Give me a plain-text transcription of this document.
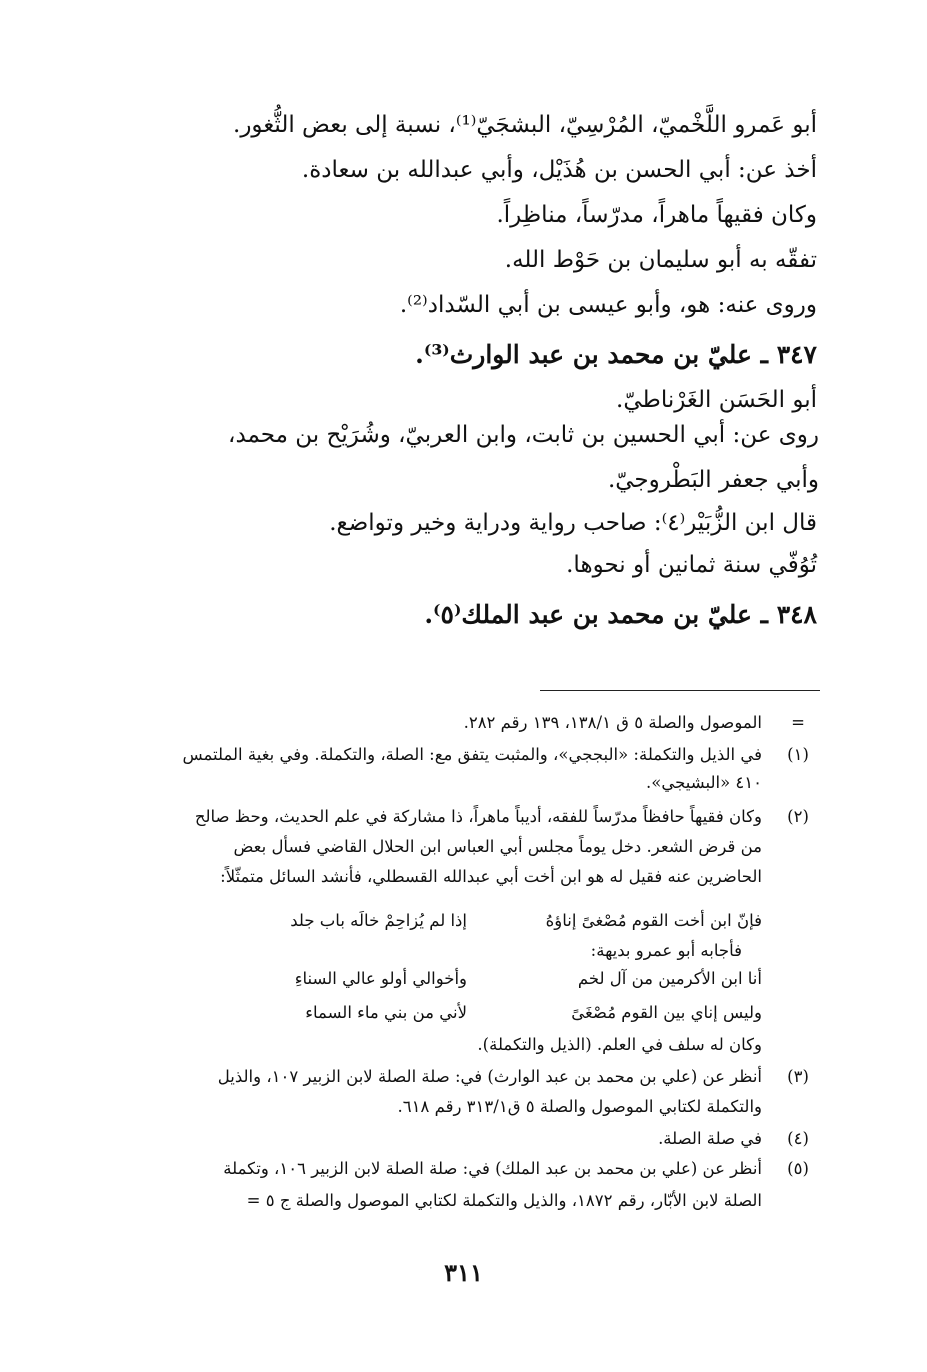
أبو عَمرو اللَّخْميّ، المُرْسِيّ، البشجَيّ⁽¹⁾، نسبة إلى بعض الثُّغور.
أخذ عن: أبي الحسن بن هُذَيْل، وأبي عبدالله بن سعادة.
وكان فقيهاً ماهراً، مدرّساً، مناظِراً.
تفقّه به أبو سليمان بن حَوْط الله.
وروى عنه: هو، وأبو عيسى بن أبي السّداد⁽²⁾.
٣٤٧ ـ عليّ بن محمد بن عبد الوارث⁽³⁾.
أبو الحَسَن الغَرْناطيّ.
روى عن: أبي الحسين بن ثابت، وابن العربيّ، وشُرَيْح بن محمد،
وأبي جعفر البَطْروجيّ.
قال ابن الزُّبَيْر⁽٤⁾: صاحب رواية ودراية وخير وتواضع.
تُوُفّي سنة ثمانين أو نحوها.
٣٤٨ ـ عليّ بن محمد بن عبد الملك⁽٥⁾.
=
الموصول والصلة ٥ ق ١٣٨/١، ١٣٩ رقم ٢٨٢.
(١)
في الذيل والتكملة: «البججي»، والمثبت يتفق مع: الصلة، والتكملة. وفي بغية الملتمس
٤١٠ «البشيجي».
(٢)
وكان فقيهاً حافظاً مدرّساً للفقه، أديباً ماهراً، ذا مشاركة في علم الحديث، وحظ صالح
من قرض الشعر. دخل يوماً مجلس أبي العباس ابن الحلال القاضي فسأل بعض
الحاضرين عنه فقيل له هو ابن أخت أبي عبدالله القسطلي، فأنشد السائل متمثّلاً:
فإنّ ابن أخت القوم مُصْغىً إناؤهُ
إذا لم يُزاحِمْ خالَه باب جلد
فأجابه أبو عمرو بديهة:
أنا ابن الأكرمين من آل لخم
وأخوالي أولو عالي السناءِ
وليس إناي بين القوم مُصْغَىً
لأني من بني ماء السماء
وكان له سلف في العلم. (الذيل والتكملة).
(٣)
أنظر عن (علي بن محمد بن عبد الوارث) في: صلة الصلة لابن الزبير ١٠٧، والذيل
والتكملة لكتابي الموصول والصلة ٥ ق٣١٣/١ رقم ٦١٨.
(٤)
في صلة الصلة.
(٥)
أنظر عن (علي بن محمد بن عبد الملك) في: صلة الصلة لابن الزبير ١٠٦، وتكملة
الصلة لابن الأبّار، رقم ١٨٧٢، والذيل والتكملة لكتابي الموصول والصلة ج ٥ =
٣١١
